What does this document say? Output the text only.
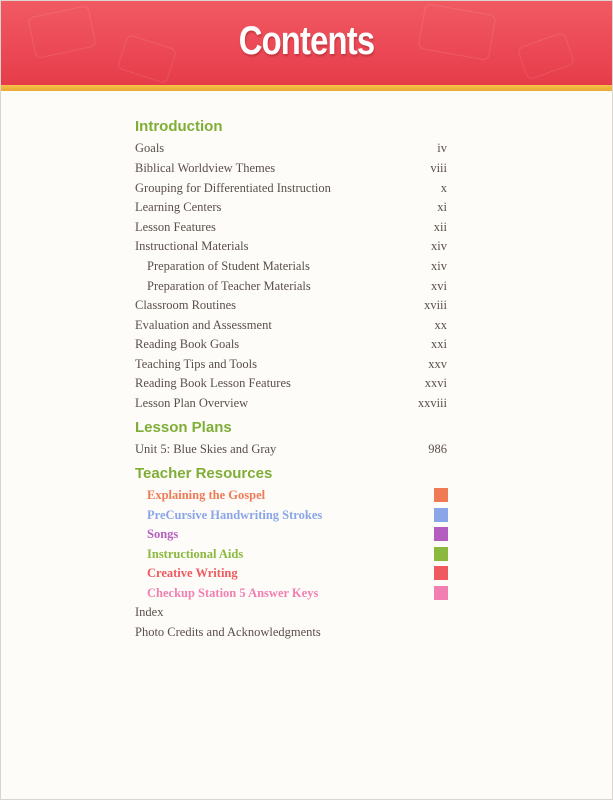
Contents
Introduction
Goals	iv
Biblical Worldview Themes	viii
Grouping for Differentiated Instruction	x
Learning Centers	xi
Lesson Features	xii
Instructional Materials	xiv
Preparation of Student Materials	xiv
Preparation of Teacher Materials	xvi
Classroom Routines	xviii
Evaluation and Assessment	xx
Reading Book Goals	xxi
Teaching Tips and Tools	xxv
Reading Book Lesson Features	xxvi
Lesson Plan Overview	xxviii
Lesson Plans
Unit 5: Blue Skies and Gray	986
Teacher Resources
Explaining the Gospel
PreCursive Handwriting Strokes
Songs
Instructional Aids
Creative Writing
Checkup Station 5 Answer Keys
Index
Photo Credits and Acknowledgments
